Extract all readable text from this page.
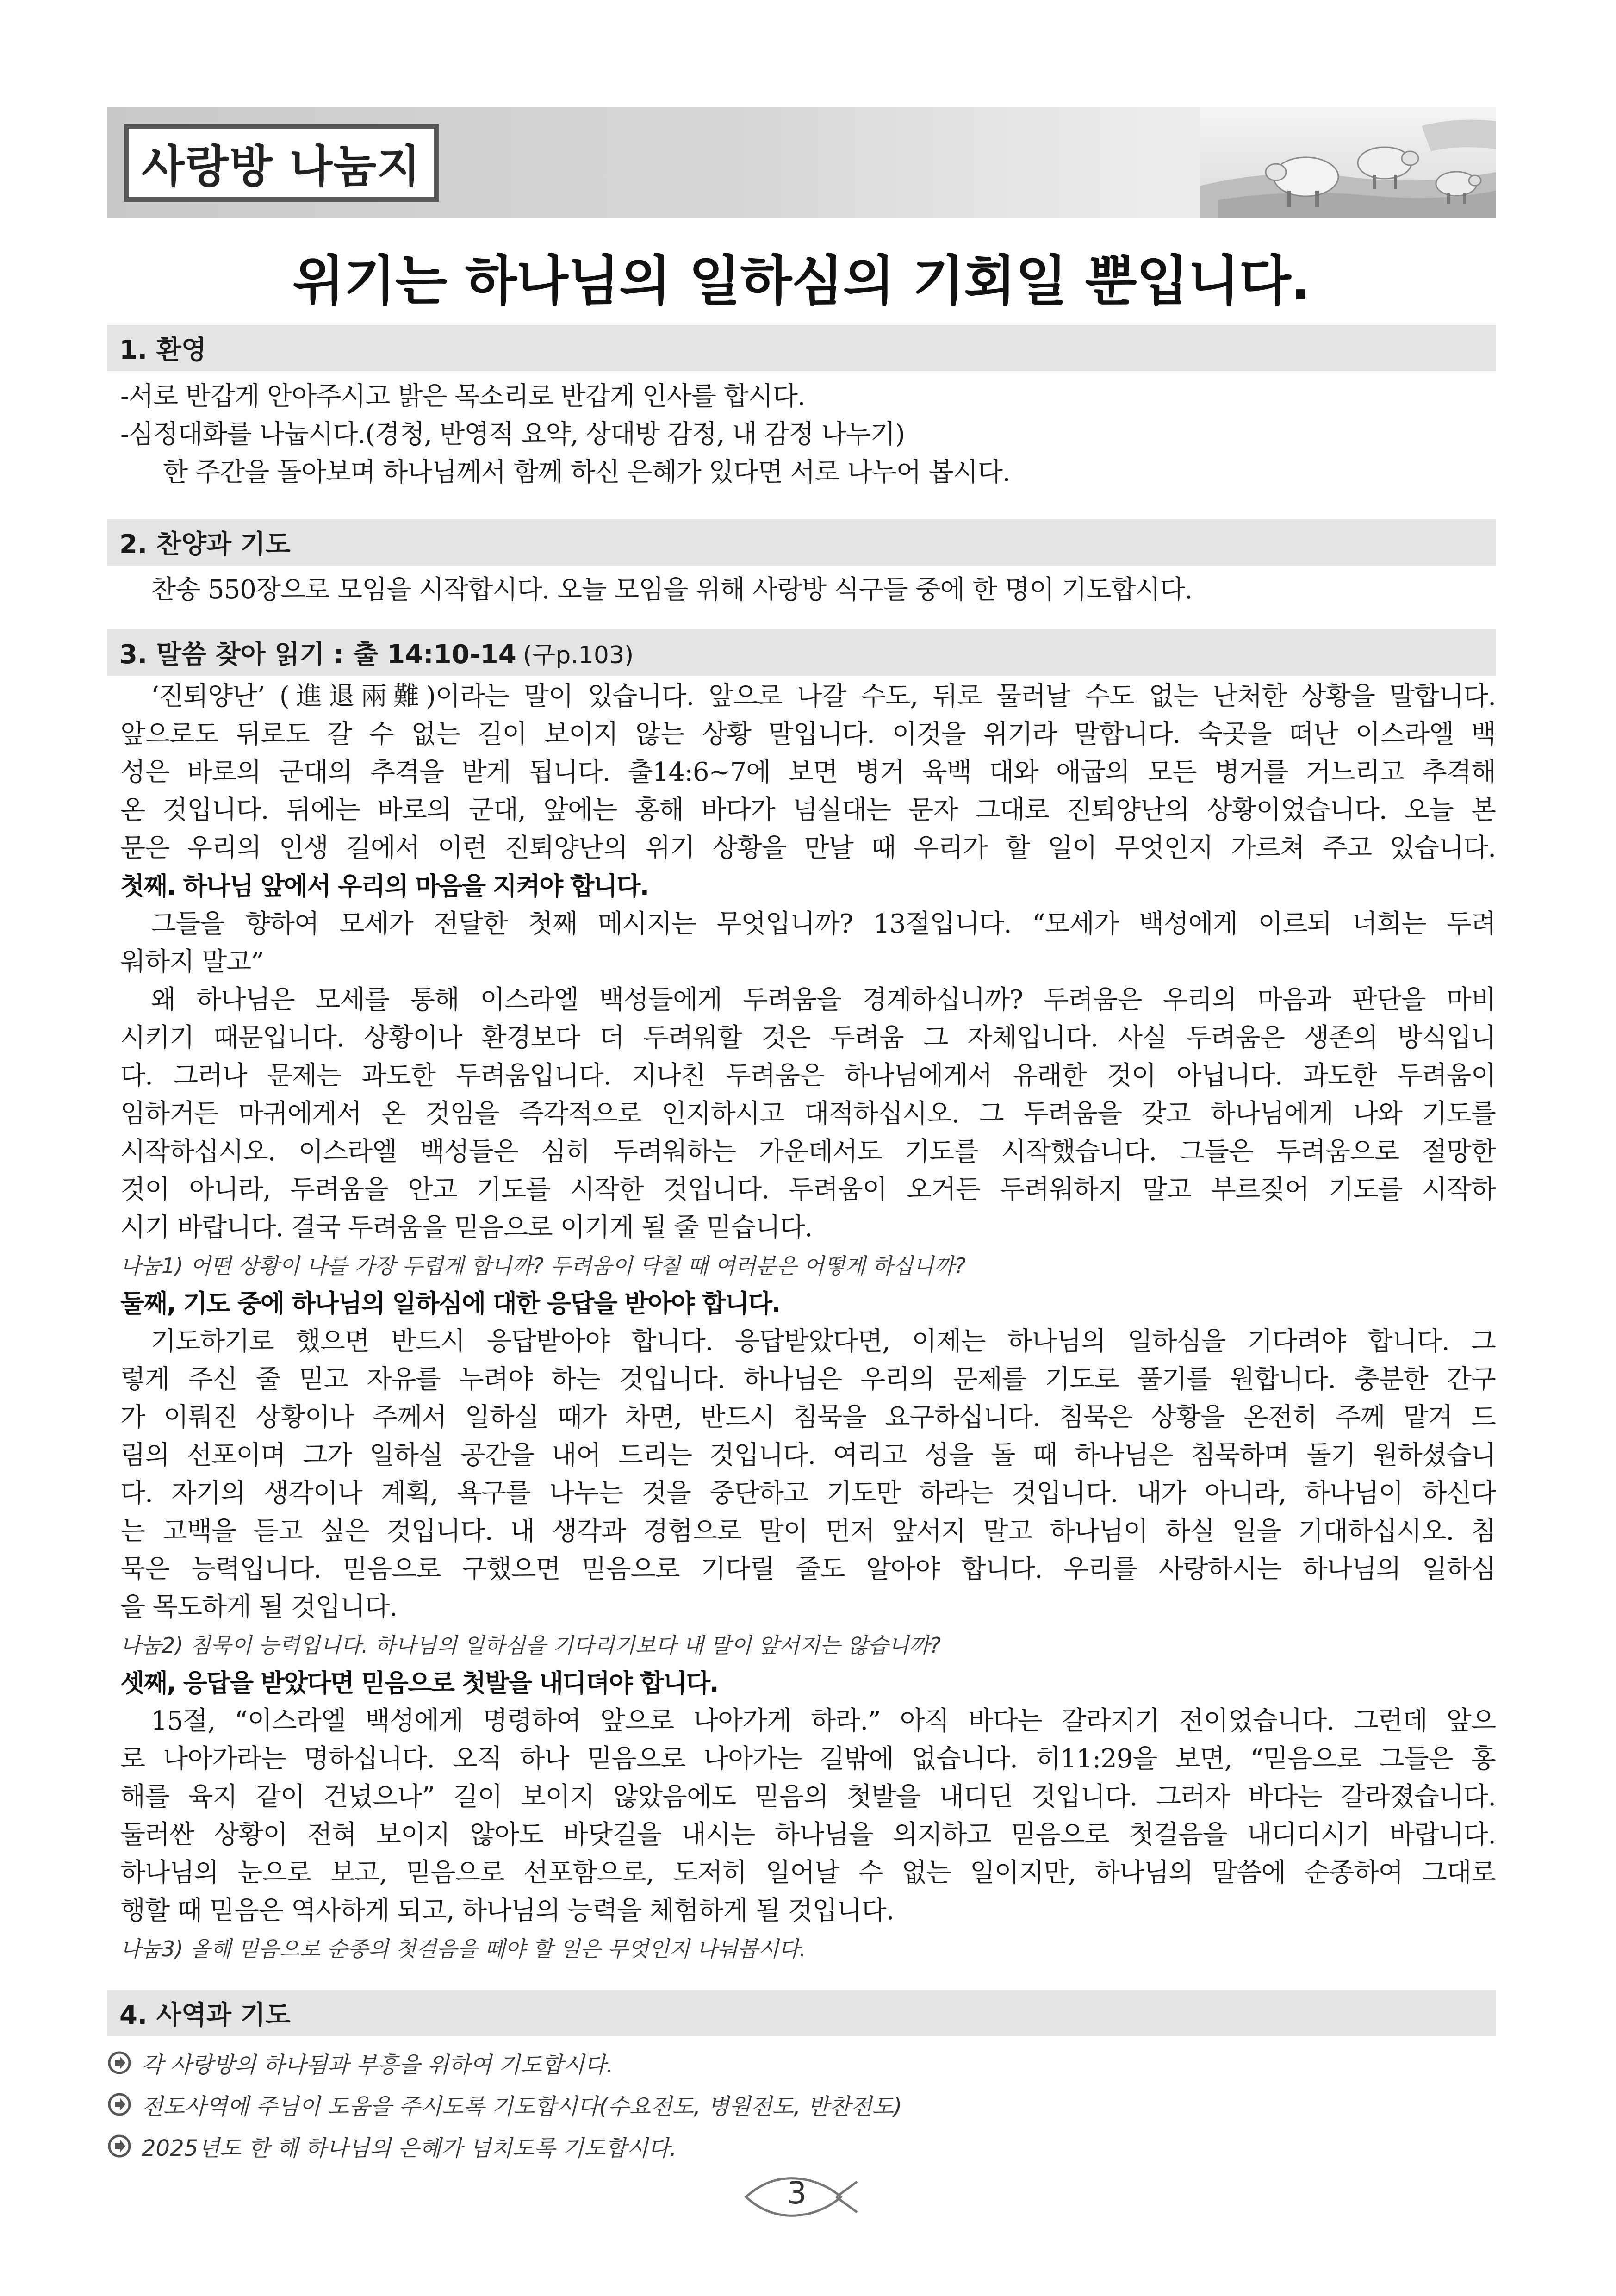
사랑방 나눔지
위기는 하나님의 일하심의 기회일 뿐입니다.
1. 환영
-서로 반갑게 안아주시고 밝은 목소리로 반갑게 인사를 합시다.
-심정대화를 나눕시다.(경청, 반영적 요약, 상대방 감정, 내 감정 나누기)
한 주간을 돌아보며 하나님께서 함께 하신 은혜가 있다면 서로 나누어 봅시다.
2. 찬양과 기도
찬송 550장으로 모임을 시작합시다. 오늘 모임을 위해 사랑방 식구들 중에 한 명이 기도합시다.
3. 말씀 찾아 읽기 : 출 14:10-14 (구p.103)
‘진퇴양난’ (進退兩難)이라는 말이 있습니다. 앞으로 나갈 수도, 뒤로 물러날 수도 없는 난처한 상황을 말합니다.
앞으로도 뒤로도 갈 수 없는 길이 보이지 않는 상황 말입니다. 이것을 위기라 말합니다. 숙곳을 떠난 이스라엘 백
성은 바로의 군대의 추격을 받게 됩니다. 출14:6~7에 보면 병거 육백 대와 애굽의 모든 병거를 거느리고 추격해
온 것입니다. 뒤에는 바로의 군대, 앞에는 홍해 바다가 넘실대는 문자 그대로 진퇴양난의 상황이었습니다. 오늘 본
문은 우리의 인생 길에서 이런 진퇴양난의 위기 상황을 만날 때 우리가 할 일이 무엇인지 가르쳐 주고 있습니다.
첫째. 하나님 앞에서 우리의 마음을 지켜야 합니다.
그들을 향하여 모세가 전달한 첫째 메시지는 무엇입니까? 13절입니다. “모세가 백성에게 이르되 너희는 두려
워하지 말고”
왜 하나님은 모세를 통해 이스라엘 백성들에게 두려움을 경계하십니까? 두려움은 우리의 마음과 판단을 마비
시키기 때문입니다. 상황이나 환경보다 더 두려워할 것은 두려움 그 자체입니다. 사실 두려움은 생존의 방식입니
다. 그러나 문제는 과도한 두려움입니다. 지나친 두려움은 하나님에게서 유래한 것이 아닙니다. 과도한 두려움이
임하거든 마귀에게서 온 것임을 즉각적으로 인지하시고 대적하십시오. 그 두려움을 갖고 하나님에게 나와 기도를
시작하십시오. 이스라엘 백성들은 심히 두려워하는 가운데서도 기도를 시작했습니다. 그들은 두려움으로 절망한
것이 아니라, 두려움을 안고 기도를 시작한 것입니다. 두려움이 오거든 두려워하지 말고 부르짖어 기도를 시작하
시기 바랍니다. 결국 두려움을 믿음으로 이기게 될 줄 믿습니다.
나눔1) 어떤 상황이 나를 가장 두렵게 합니까? 두려움이 닥칠 때 여러분은 어떻게 하십니까?
둘째, 기도 중에 하나님의 일하심에 대한 응답을 받아야 합니다.
기도하기로 했으면 반드시 응답받아야 합니다. 응답받았다면, 이제는 하나님의 일하심을 기다려야 합니다. 그
렇게 주신 줄 믿고 자유를 누려야 하는 것입니다. 하나님은 우리의 문제를 기도로 풀기를 원합니다. 충분한 간구
가 이뤄진 상황이나 주께서 일하실 때가 차면, 반드시 침묵을 요구하십니다. 침묵은 상황을 온전히 주께 맡겨 드
림의 선포이며 그가 일하실 공간을 내어 드리는 것입니다. 여리고 성을 돌 때 하나님은 침묵하며 돌기 원하셨습니
다. 자기의 생각이나 계획, 욕구를 나누는 것을 중단하고 기도만 하라는 것입니다. 내가 아니라, 하나님이 하신다
는 고백을 듣고 싶은 것입니다. 내 생각과 경험으로 말이 먼저 앞서지 말고 하나님이 하실 일을 기대하십시오. 침
묵은 능력입니다. 믿음으로 구했으면 믿음으로 기다릴 줄도 알아야 합니다. 우리를 사랑하시는 하나님의 일하심
을 목도하게 될 것입니다.
나눔2) 침묵이 능력입니다. 하나님의 일하심을 기다리기보다 내 말이 앞서지는 않습니까?
셋째, 응답을 받았다면 믿음으로 첫발을 내디뎌야 합니다.
15절, “이스라엘 백성에게 명령하여 앞으로 나아가게 하라.” 아직 바다는 갈라지기 전이었습니다. 그런데 앞으
로 나아가라는 명하십니다. 오직 하나 믿음으로 나아가는 길밖에 없습니다. 히11:29을 보면, “믿음으로 그들은 홍
해를 육지 같이 건넜으나” 길이 보이지 않았음에도 믿음의 첫발을 내디딘 것입니다. 그러자 바다는 갈라졌습니다.
둘러싼 상황이 전혀 보이지 않아도 바닷길을 내시는 하나님을 의지하고 믿음으로 첫걸음을 내디디시기 바랍니다.
하나님의 눈으로 보고, 믿음으로 선포함으로, 도저히 일어날 수 없는 일이지만, 하나님의 말씀에 순종하여 그대로
행할 때 믿음은 역사하게 되고, 하나님의 능력을 체험하게 될 것입니다.
나눔3) 올해 믿음으로 순종의 첫걸음을 떼야 할 일은 무엇인지 나눠봅시다.
4. 사역과 기도
각 사랑방의 하나됨과 부흥을 위하여 기도합시다.
전도사역에 주님이 도움을 주시도록 기도합시다(수요전도, 병원전도, 반찬전도)
2025년도 한 해 하나님의 은혜가 넘치도록 기도합시다.
3
